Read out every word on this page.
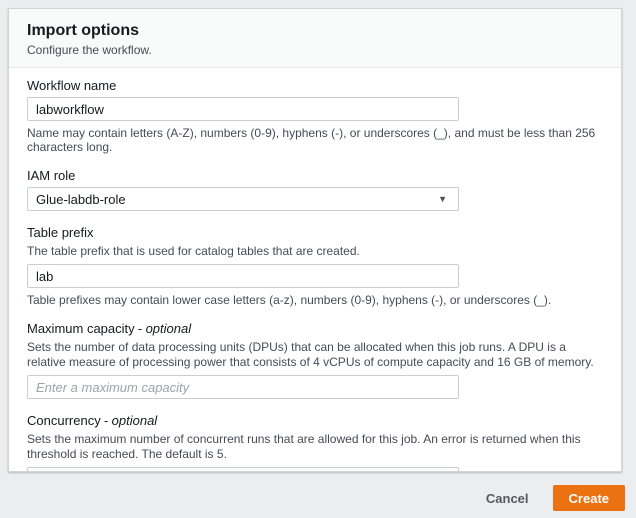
Import options

Configure the workflow.

Workflow name
labworkflow
Name may contain letters (A-Z), numbers (0-9), hyphens (-), or underscores (_), and must be less than 256 characters long.
IAM role
Glue-labdb-role	▼
Table prefix
The table prefix that is used for catalog tables that are created.
lab
Table prefixes may contain lower case letters (a-z), numbers (0-9), hyphens (-), or underscores (_).
Maximum capacity - optional
Sets the number of data processing units (DPUs) that can be allocated when this job runs. A DPU is a relative measure of processing power that consists of 4 vCPUs of compute capacity and 16 GB of memory.
Enter a maximum capacity
Concurrency - optional
Sets the maximum number of concurrent runs that are allowed for this job. An error is returned when this threshold is reached. The default is 5.
5
Cancel	Create
